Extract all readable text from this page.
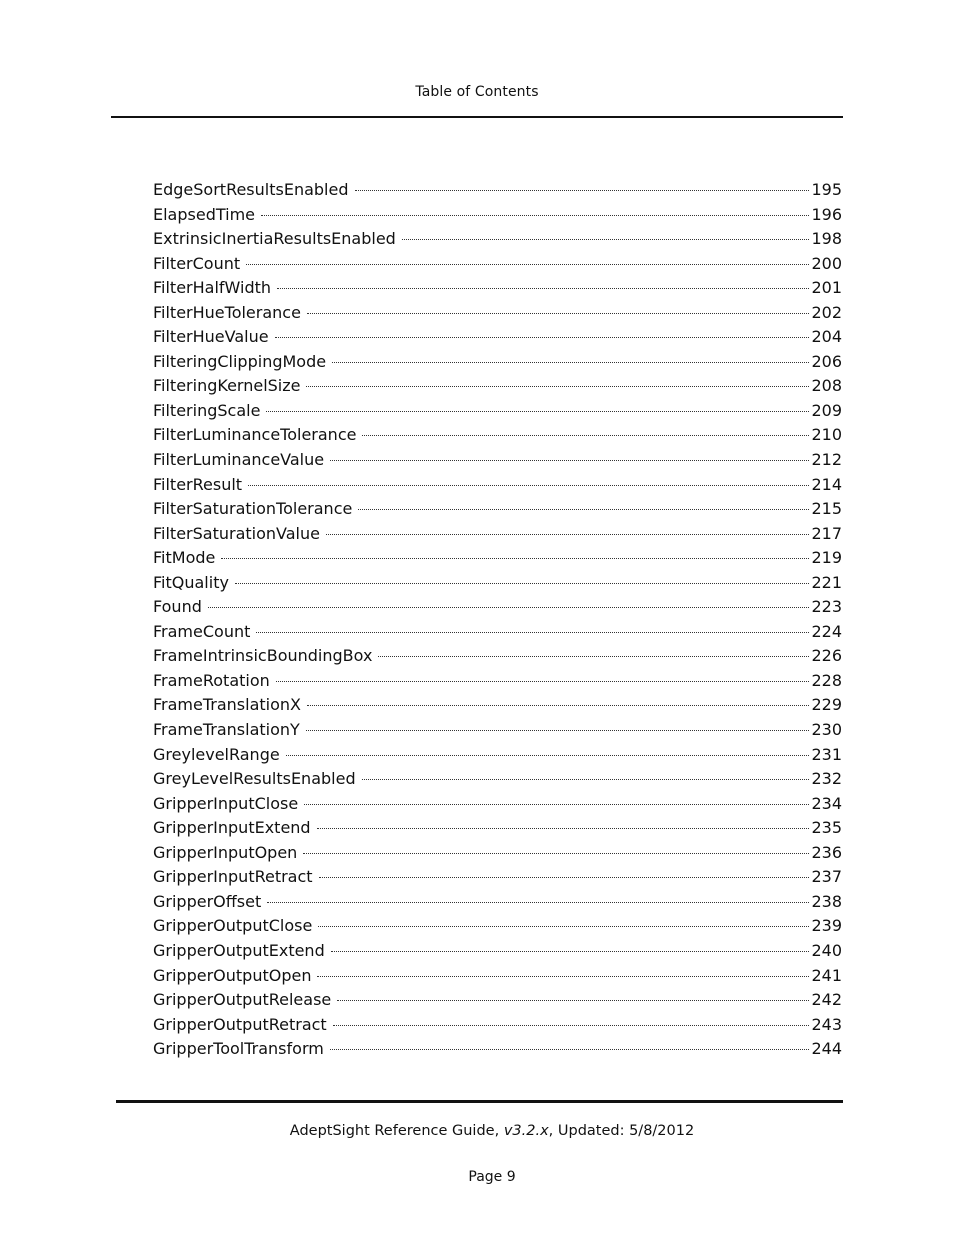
Table of Contents
EdgeSortResultsEnabled	195
ElapsedTime	196
ExtrinsicInertiaResultsEnabled	198
FilterCount	200
FilterHalfWidth	201
FilterHueTolerance	202
FilterHueValue	204
FilteringClippingMode	206
FilteringKernelSize	208
FilteringScale	209
FilterLuminanceTolerance	210
FilterLuminanceValue	212
FilterResult	214
FilterSaturationTolerance	215
FilterSaturationValue	217
FitMode	219
FitQuality	221
Found	223
FrameCount	224
FrameIntrinsicBoundingBox	226
FrameRotation	228
FrameTranslationX	229
FrameTranslationY	230
GreylevelRange	231
GreyLevelResultsEnabled	232
GripperInputClose	234
GripperInputExtend	235
GripperInputOpen	236
GripperInputRetract	237
GripperOffset	238
GripperOutputClose	239
GripperOutputExtend	240
GripperOutputOpen	241
GripperOutputRelease	242
GripperOutputRetract	243
GripperToolTransform	244
AdeptSight Reference Guide, v3.2.x, Updated: 5/8/2012
Page 9
